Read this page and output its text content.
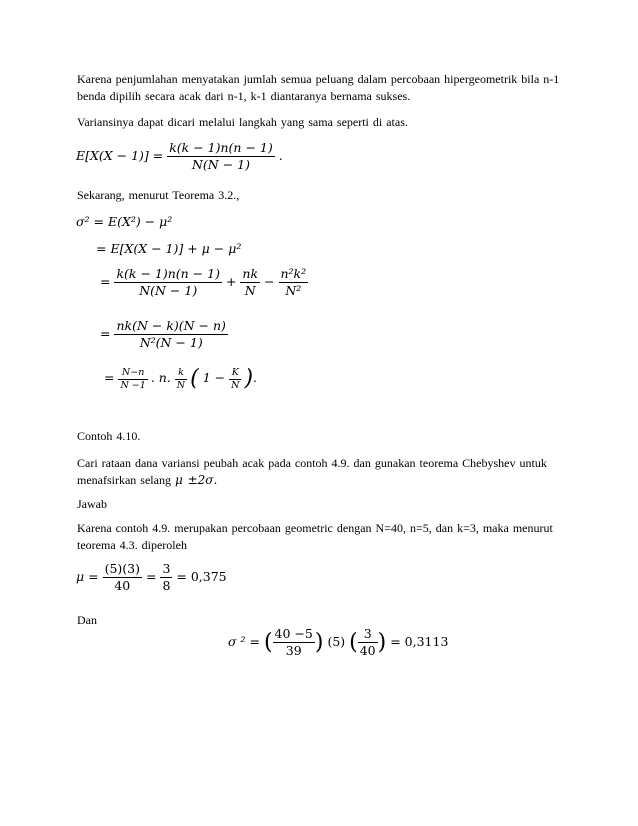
Karena penjumlahan menyatakan jumlah semua peluang dalam percobaan hipergeometrik bila n-1 benda dipilih secara acak dari n-1, k-1 diantaranya bernama sukses.
Variansinya dapat dicari melalui langkah yang sama seperti di atas.
$E[X(X - 1)] = \frac{k(k - 1)n(n - 1)}{N(N - 1)}$ .
Sekarang, menurut Teorema 3.2.,
σ² = E(X²) − μ²
= E[X(X − 1)] + μ − μ²
= $\frac{k(k - 1)n(n - 1)}{N(N - 1)} + \frac{nk}{N} - \frac{\text{n²k²}}{\text{N²}}$
= $\frac{nk(N - k)(N - n)}{\text{N²(N − 1)}}$
= $\frac{N-n}{N -1}$ . n. $\frac{k}{N}$ ( $1 - \frac{K}{N}$ ).
Contoh 4.10.
Cari rataan dana variansi peubah acak pada contoh 4.9. dan gunakan teorema Chebyshev untuk menafsirkan selang μ ±2σ.
Jawab
Karena contoh 4.9. merupakan percobaan geometric dengan N=40, n=5, dan k=3, maka menurut teorema 4.3. diperoleh
$\mu = \frac{(5)(3)}{40} = \frac{3}{8} = 0,375$
Dan
σ ² = ( $\frac{40 -5}{39}$ ) (5) ( $\frac{3}{40}$ ) = 0,3113
